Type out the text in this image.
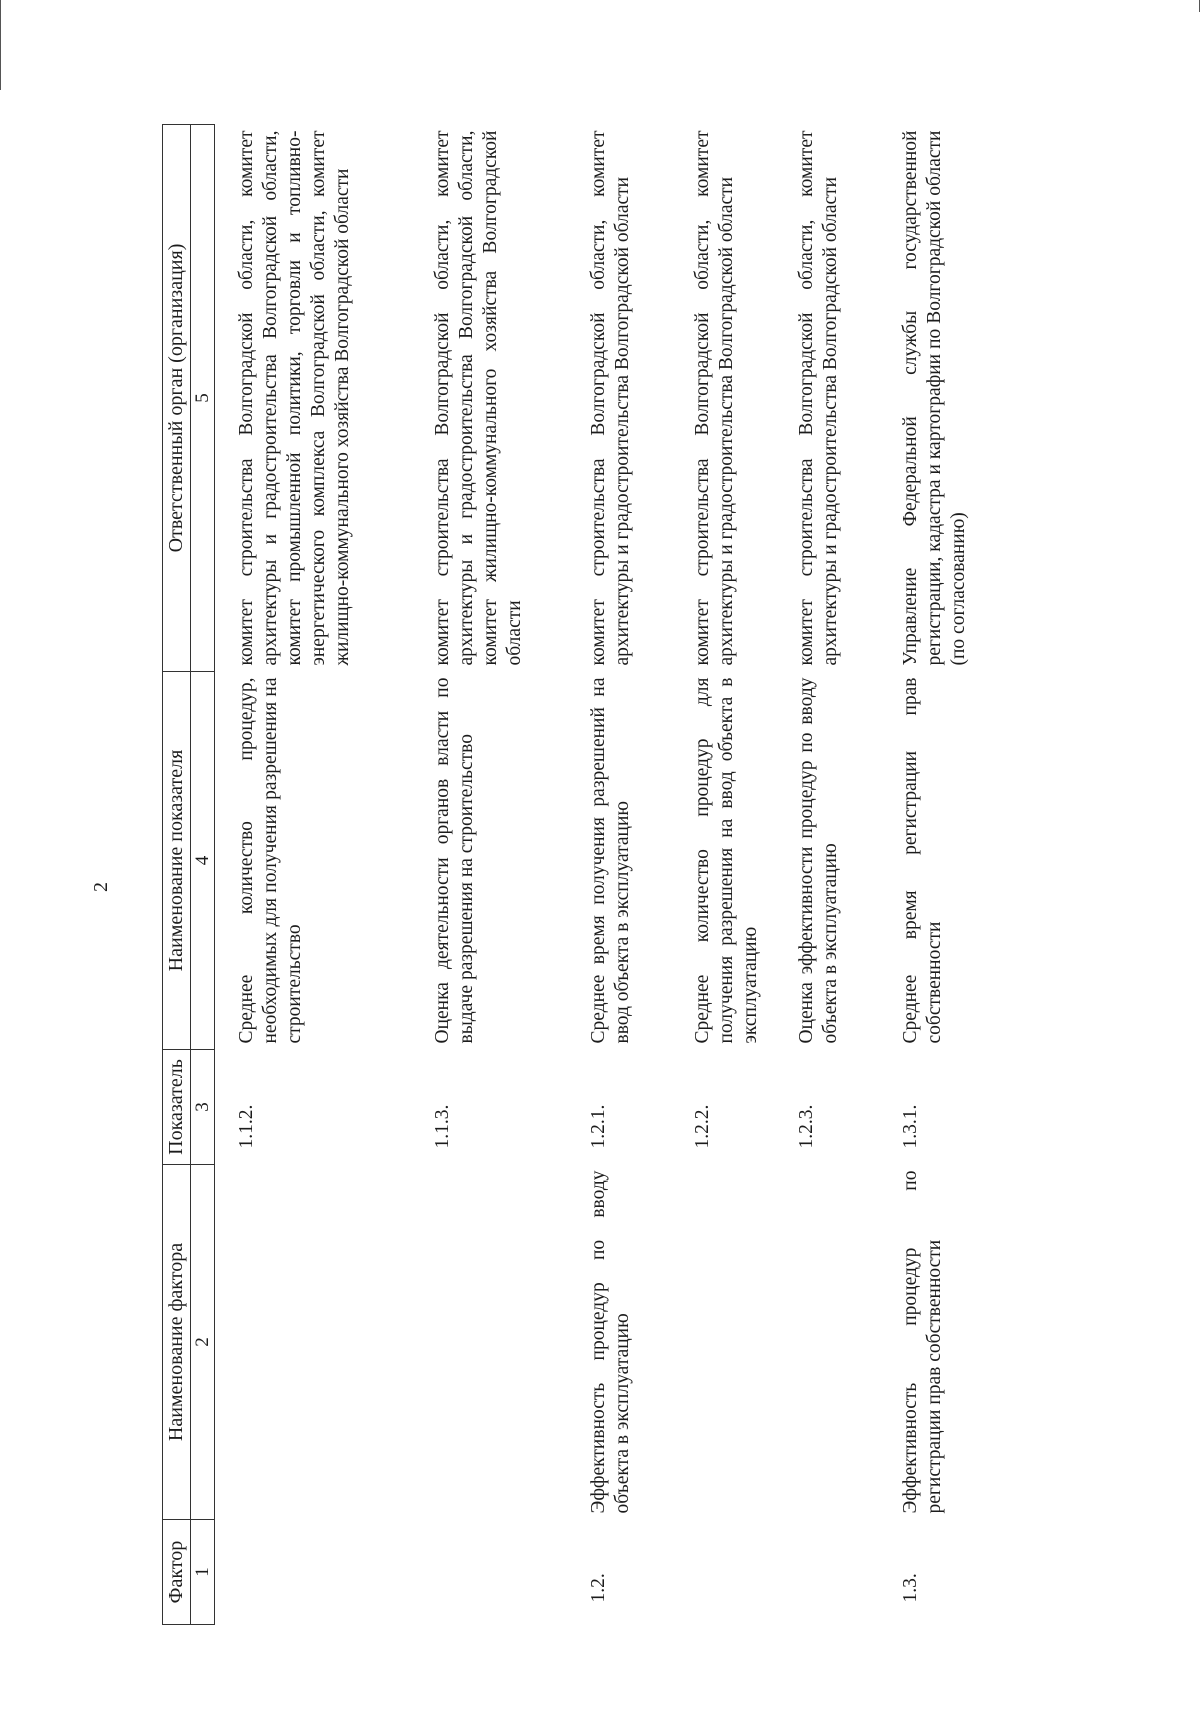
2
Фактор	Наименование фактора	Показатель	Наименование показателя	Ответственный орган (организация)
1	2	3	4	5
		1.1.2.	Среднее количество процедур, необходимых для получения разрешения на строительство	комитет строительства Волгоградской области, комитет архитектуры и градостроительства Волгоградской области, комитет промышленной политики, торговли и топливно-энергетического комплекса Волгоградской области, комитет жилищно-коммунального хозяйства Волгоградской области
		1.1.3.	Оценка деятельности органов власти по выдаче разрешения на строительство	комитет строительства Волгоградской области, комитет архитектуры и градостроительства Волгоградской области, комитет жилищно-коммунального хозяйства Волгоградской области
1.2.	Эффективность процедур по вводу объекта в эксплуатацию	1.2.1.	Среднее время получения разрешений на ввод объекта в эксплуатацию	комитет строительства Волгоградской области, комитет архитектуры и градостроительства Волгоградской области
		1.2.2.	Среднее количество процедур для получения разрешения на ввод объекта в эксплуатацию	комитет строительства Волгоградской области, комитет архитектуры и градостроительства Волгоградской области
		1.2.3.	Оценка эффективности процедур по вводу объекта в эксплуатацию	комитет строительства Волгоградской области, комитет архитектуры и градостроительства Волгоградской области
1.3.	Эффективность процедур по регистрации прав собственности	1.3.1.	Среднее время регистрации прав собственности	Управление Федеральной службы государственной регистрации, кадастра и картографии по Волгоградской области (по согласованию)
